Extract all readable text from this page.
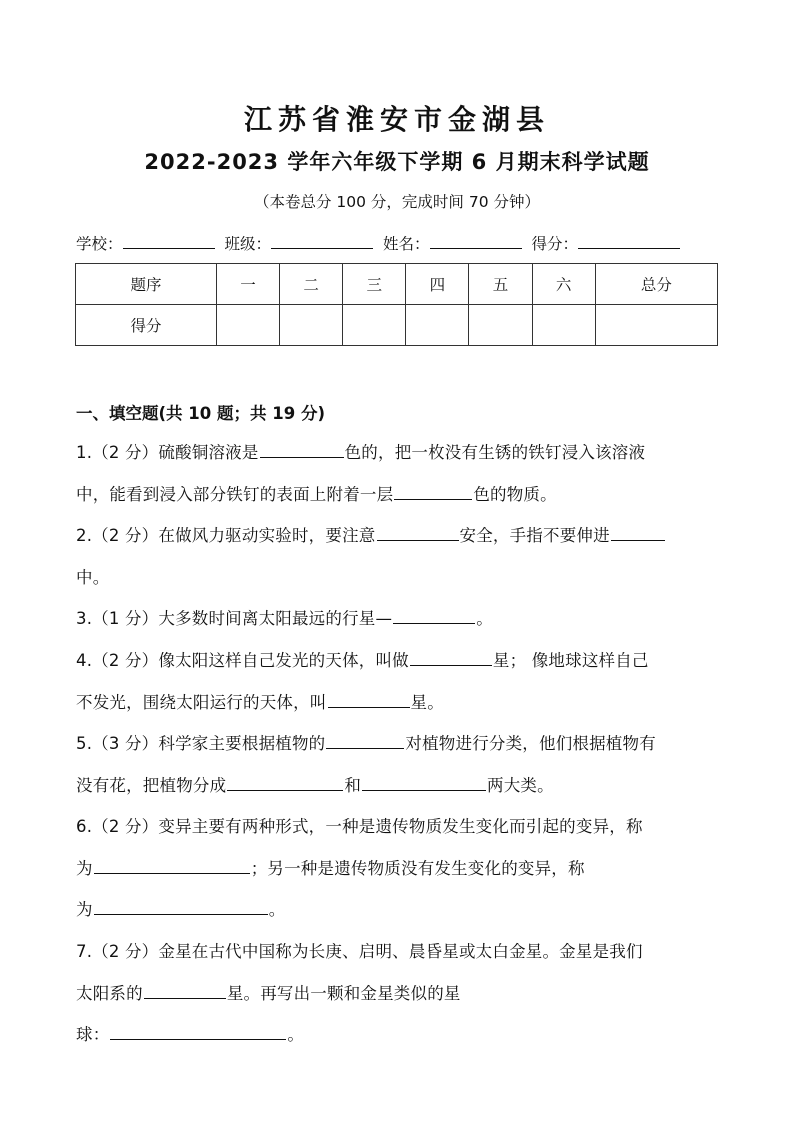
江苏省淮安市金湖县
2022-2023 学年六年级下学期 6 月期末科学试题
（本卷总分 100 分，完成时间 70 分钟）
学校：	班级：	姓名：	得分：
题序	一	二	三	四	五	六	总分
得分							
一、填空题(共 10 题；共 19 分)
1.（2 分）硫酸铜溶液是	色的，把一枚没有生锈的铁钉浸入该溶液
中，能看到浸入部分铁钉的表面上附着一层	色的物质。
2.（2 分）在做风力驱动实验时，要注意	安全，手指不要伸进
中。
3.（1 分）大多数时间离太阳最远的行星—	。
4.（2 分）像太阳这样自己发光的天体，叫做	星； 像地球这样自己
不发光，围绕太阳运行的天体，叫	星。
5.（3 分）科学家主要根据植物的	对植物进行分类，他们根据植物有
没有花，把植物分成	和	两大类。
6.（2 分）变异主要有两种形式，一种是遗传物质发生变化而引起的变异，称
为	；另一种是遗传物质没有发生变化的变异，称
为	。
7.（2 分）金星在古代中国称为长庚、启明、晨昏星或太白金星。金星是我们
太阳系的	星。再写出一颗和金星类似的星
球：	。
